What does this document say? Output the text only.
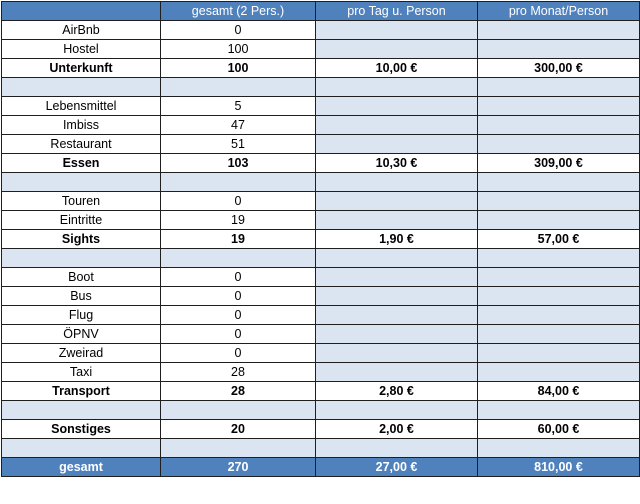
	gesamt (2 Pers.)	pro Tag u. Person	pro Monat/Person
AirBnb	0		
Hostel	100		
Unterkunft	100	10,00 €	300,00 €

Lebensmittel	5		
Imbiss	47		
Restaurant	51		
Essen	103	10,30 €	309,00 €

Touren	0		
Eintritte	19		
Sights	19	1,90 €	57,00 €

Boot	0		
Bus	0		
Flug	0		
ÖPNV	0		
Zweirad	0		
Taxi	28		
Transport	28	2,80 €	84,00 €

Sonstiges	20	2,00 €	60,00 €

gesamt	270	27,00 €	810,00 €
